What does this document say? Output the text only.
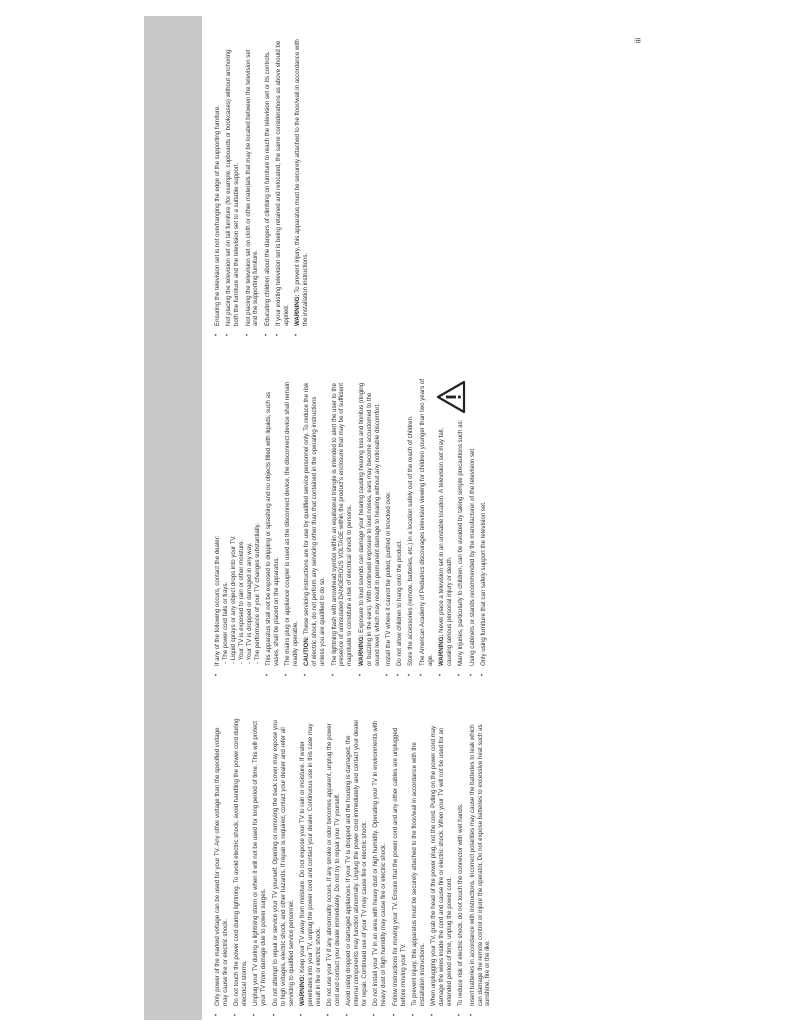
iii
• Only power of the marked voltage can be used for your TV. Any other voltage than the specified voltage may cause fire or electric shock. • Do not touch the power cord during lightning. To avoid electric shock, avoid handling the power cord during electrical storms. • Unplug your TV during a lightning storm or when it will not be used for long period of time. This will protect your TV from damage due to power surges. • Do not attempt to repair or service your TV yourself. Opening or removing the back cover may expose you to high voltages, electric shock, and other hazards. If repair is required, contact your dealer and refer all servicing to qualified service personnel. • WARNING: Keep your TV away from moisture. Do not expose your TV to rain or moisture. If water penetrates into your TV, unplug the power cord and contact your dealer. Continuous use in this case may result in fire or electric shock. • Do not use your TV if any abnormality occurs. If any smoke or odor becomes apparent, unplug the power cord and contact your dealer immediately. Do not try to repair your TV yourself. • Avoid using dropped or damaged appliances. If your TV is dropped and the housing is damaged, the internal components may function abnormally. Unplug the power cord immediately and contact your dealer for repair. Continued use of your TV may cause fire or electric shock. • Do not install your TV in an area with heavy dust or high humidity. Operating your TV in environments with heavy dust or high humidity may cause fire or electric shock. • Follow instructions for moving your TV. Ensure that the power cord and any other cables are unplugged before moving your TV. • To prevent injury, this apparatus must be securely attached to the floor/wall in accordance with the installation instructions. • When unplugging your TV, grab the head of the power plug, not the cord. Pulling on the power cord may damage the wires inside the cord and cause fire or electric shock. When your TV will not be used for an extended period of time, unplug the power cord. • To reduce risk of electric shock, do not touch the connector with wet hands. • Insert batteries in accordance with instructions. Incorrect polarities may cause the batteries to leak which can damage the remote control or injure the operator. Do not expose batteries to excessive heat such as sunshine, fire or the like.
• If any of the following occurs, contact the dealer: - The power cord fails or frays. - Liquid sprays or any object drops into your TV. - Your TV is exposed to rain or other moisture. - Your TV is dropped or damaged in any way. - The performance of your TV changes substantially. • This apparatus shall not be exposed to dripping or splashing and no objects filled with liquids, such as vases, shall be placed on the apparatus. • The mains plug or appliance coupler is used as the disconnect device, the disconnect device shall remain readily operable. • CAUTION: These servicing instructions are for use by qualified service personnel only. To reduce the risk of electric shock, do not perform any servicing other than that contained in the operating instructions unless you are qualified to do so. • The lightning flash with arrowhead symbol within an equilateral triangle is intended to alert the user to the presence of uninsulated DANGEROUS VOLTAGE within the product's enclosure that may be of sufficient magnitude to constitute a risk of electrical shock to persons. • WARNING: Exposure to loud sounds can damage your hearing causing hearing loss and tinnitus (ringing or buzzing in the ears). With continued exposure to loud noises, ears may become accustomed to the sound level, which may result in permanent damage to hearing without any noticeable discomfort. • Install the TV where it cannot be pulled, pushed or knocked over. • Do not allow children to hang onto the product. • Store the accessories (remote, batteries, etc.) in a location safely out of the reach of children. • The American Academy of Pediatrics discourages television viewing for children younger than two years of age. • WARNING: Never place a television set in an unstable location. A television set may fall, causing serious personal injury or death. • Many injuries, particularly to children, can be avoided by taking simple precautions such as: • Using cabinets or stands recommended by the manufacturer of the television set. • Only using furniture that can safely support the television set.
• Ensuring the television set is not overhanging the edge of the supporting furniture. • Not placing the television set on tall furniture (for example, cupboards or bookcases) without anchoring both the furniture and the television set to a suitable support. • Not placing the television set on cloth or other materials that may be located between the television set and the supporting furniture. • Educating children about the dangers of climbing on furniture to reach the television set or its controls. • If your existing television set is being retained and relocated, the same considerations as above should be applied. • WARNING: To prevent injury, this apparatus must be securely attached to the floor/wall in accordance with the installation instructions.
